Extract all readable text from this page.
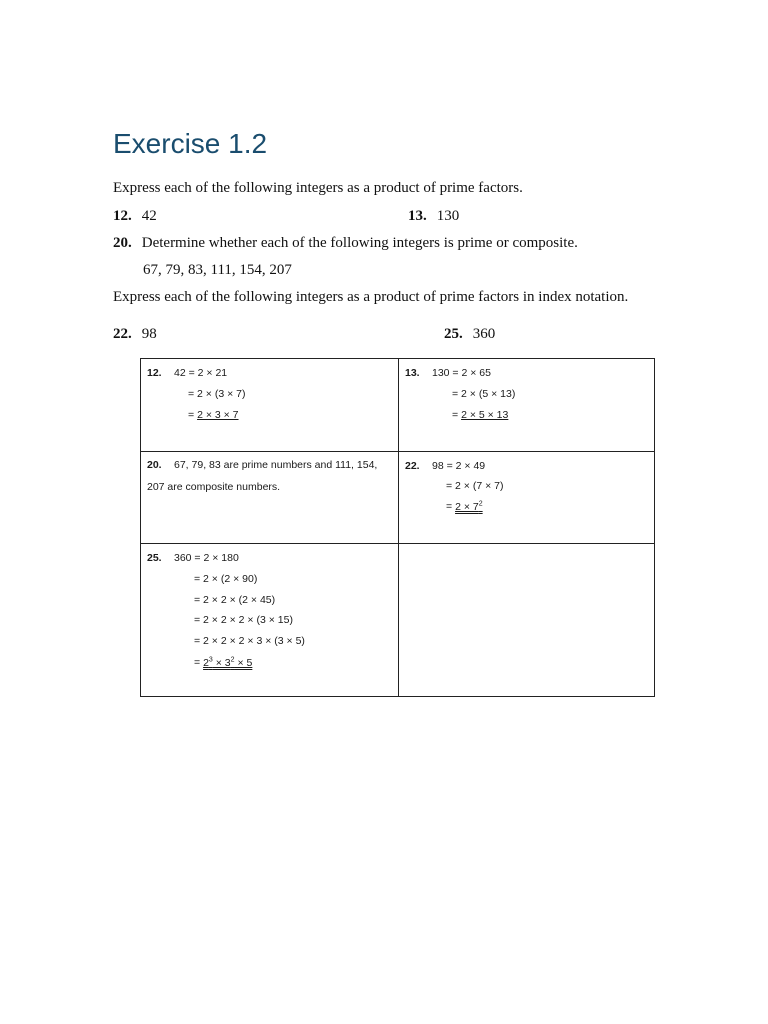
Exercise 1.2
Express each of the following integers as a product of prime factors.
12. 42	13. 130
20. Determine whether each of the following integers is prime or composite.
67, 79, 83, 111, 154, 207
Express each of the following integers as a product of prime factors in index notation.
22. 98	25. 360
12. 42 = 2 × 21
= 2 × (3 × 7)
= 2 × 3 × 7
13. 130 = 2 × 65
= 2 × (5 × 13)
= 2 × 5 × 13
20. 67, 79, 83 are prime numbers and 111, 154,
207 are composite numbers.
22. 98 = 2 × 49
= 2 × (7 × 7)
= $2 \times 7^2$
25. 360 = 2 × 180
= 2 × (2 × 90)
= 2 × 2 × (2 × 45)
= 2 × 2 × 2 × (3 × 15)
= 2 × 2 × 2 × 3 × (3 × 5)
= $2^3 \times 3^2 \times 5$
